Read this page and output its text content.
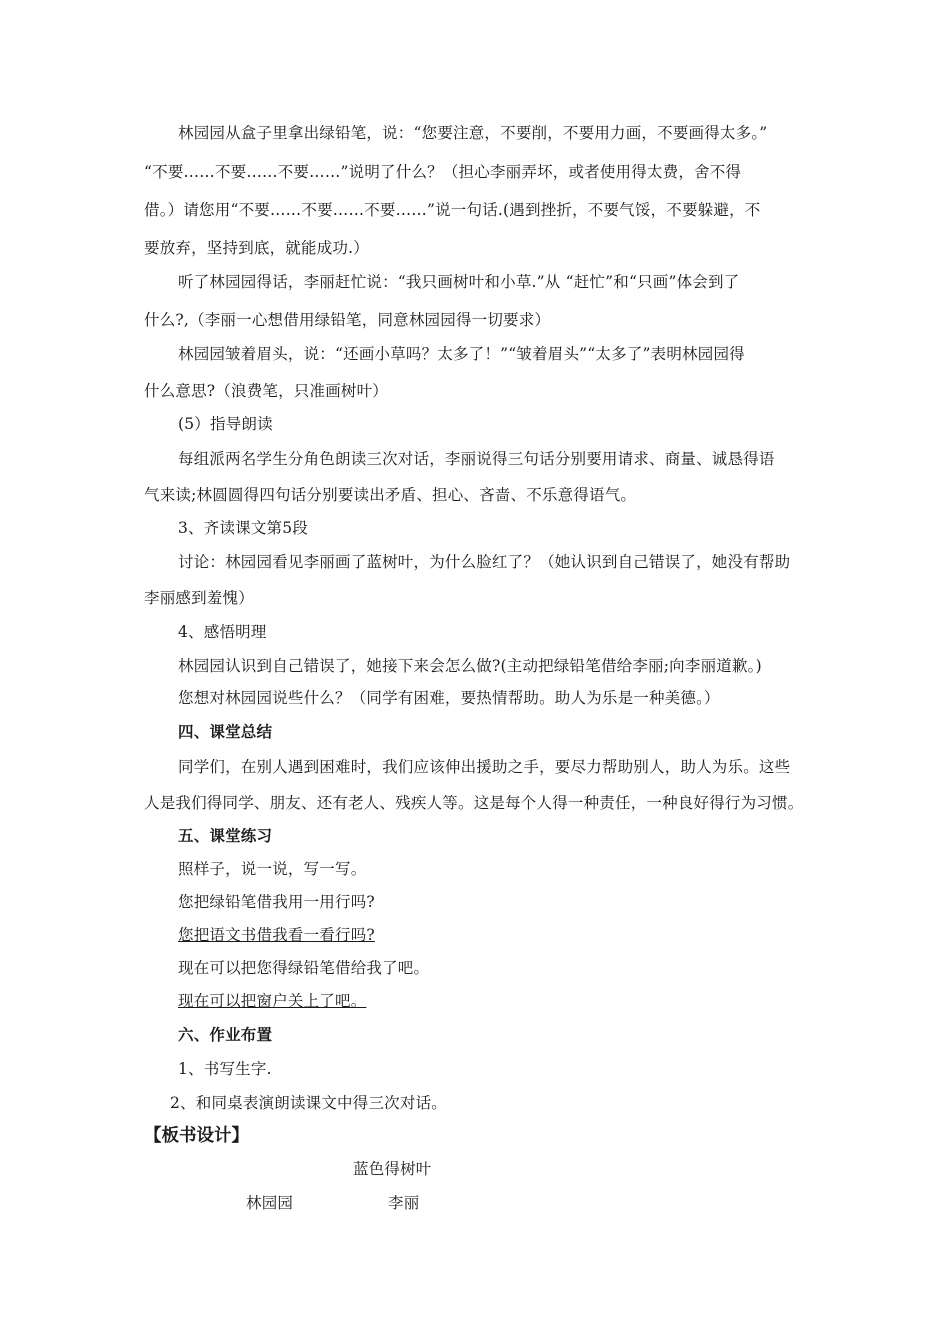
林园园从盒子里拿出绿铅笔，说：“您要注意，不要削，不要用力画，不要画得太多。”
“不要……不要……不要……”说明了什么？（担心李丽弄坏，或者使用得太费，舍不得
借。）请您用“不要……不要……不要……”说一句话.(遇到挫折，不要气馁，不要躲避，不
要放弃，坚持到底，就能成功.）
听了林园园得话，李丽赶忙说：“我只画树叶和小草.”从 “赶忙”和“只画”体会到了
什么?,（李丽一心想借用绿铅笔，同意林园园得一切要求）
林园园皱着眉头，说：“还画小草吗？太多了！”“皱着眉头”“太多了”表明林园园得
什么意思?（浪费笔，只准画树叶）
(5）指导朗读
每组派两名学生分角色朗读三次对话，李丽说得三句话分别要用请求、商量、诚恳得语
气来读;林圆圆得四句话分别要读出矛盾、担心、吝啬、不乐意得语气。
3、齐读课文第5段
讨论：林园园看见李丽画了蓝树叶，为什么脸红了？（她认识到自己错误了，她没有帮助
李丽感到羞愧）
4、感悟明理
林园园认识到自己错误了，她接下来会怎么做?(主动把绿铅笔借给李丽;向李丽道歉。)
您想对林园园说些什么？（同学有困难，要热情帮助。助人为乐是一种美德。）
四、课堂总结
同学们，在别人遇到困难时，我们应该伸出援助之手，要尽力帮助别人，助人为乐。这些
人是我们得同学、朋友、还有老人、残疾人等。这是每个人得一种责任，一种良好得行为习惯。
五、课堂练习
照样子，说一说，写一写。
您把绿铅笔借我用一用行吗?
您把语文书借我看一看行吗?
现在可以把您得绿铅笔借给我了吧。
现在可以把窗户关上了吧。
六、作业布置
1、书写生字.
2、和同桌表演朗读课文中得三次对话。
【板书设计】
蓝色得树叶
林园园	李丽
